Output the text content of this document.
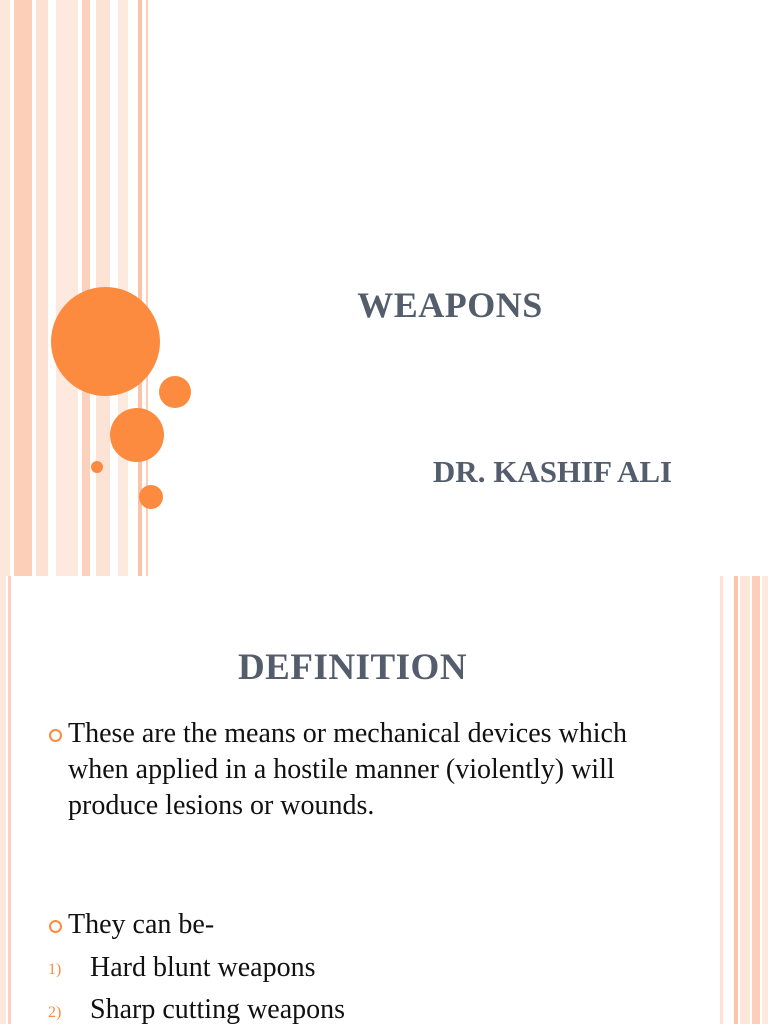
WEAPONS
DR. KASHIF ALI
DEFINITION
These are the means or mechanical devices which when applied in a hostile manner (violently) will produce lesions or wounds.
They can be-
1) Hard blunt weapons
2) Sharp cutting weapons
